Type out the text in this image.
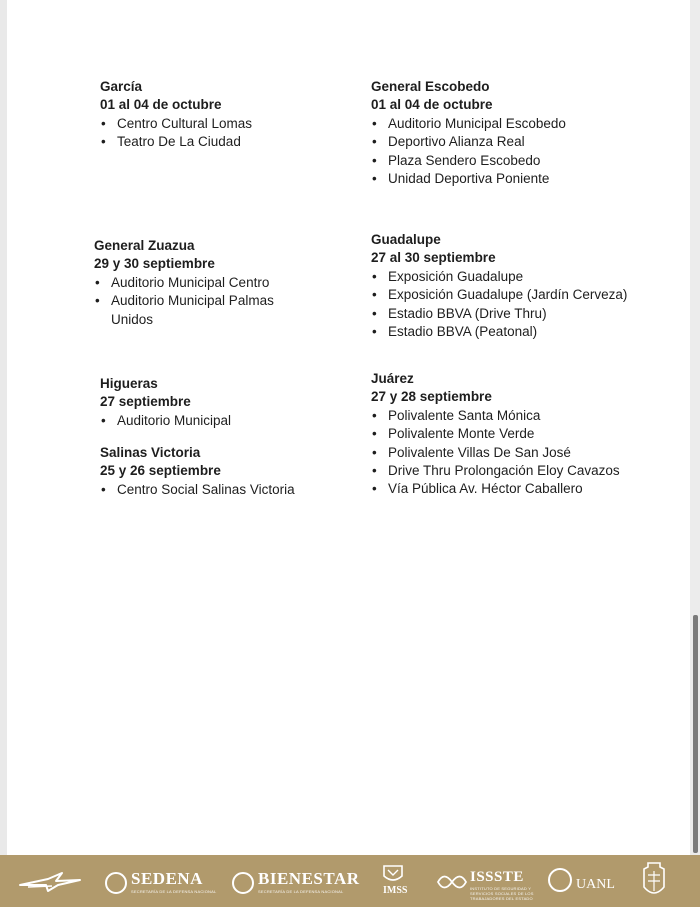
García
01 al 04 de octubre
• Centro Cultural Lomas
• Teatro De La Ciudad
General Escobedo
01 al 04 de octubre
• Auditorio Municipal Escobedo
• Deportivo Alianza Real
• Plaza Sendero Escobedo
• Unidad Deportiva Poniente
General Zuazua
29 y 30 septiembre
• Auditorio Municipal Centro
• Auditorio Municipal Palmas Unidos
Guadalupe
27 al 30 septiembre
• Exposición Guadalupe
• Exposición Guadalupe (Jardín Cerveza)
• Estadio BBVA (Drive Thru)
• Estadio BBVA (Peatonal)
Higueras
27 septiembre
• Auditorio Municipal
Salinas Victoria
25 y 26 septiembre
• Centro Social Salinas Victoria
Juárez
27 y 28 septiembre
• Polivalente Santa Mónica
• Polivalente Monte Verde
• Polivalente Villas De San José
• Drive Thru Prolongación Eloy Cavazos
• Vía Pública Av. Héctor Caballero
SEDENA
SECRETARÍA DE LA DEFENSA NACIONAL
BIENESTAR
SECRETARÍA DE LA DEFENSA NACIONAL	IMSS
ISSSTE
INSTITUTO DE SEGURIDAD Y SERVICIOS SOCIALES DE LOS TRABAJADORES DEL ESTADO
UANL
